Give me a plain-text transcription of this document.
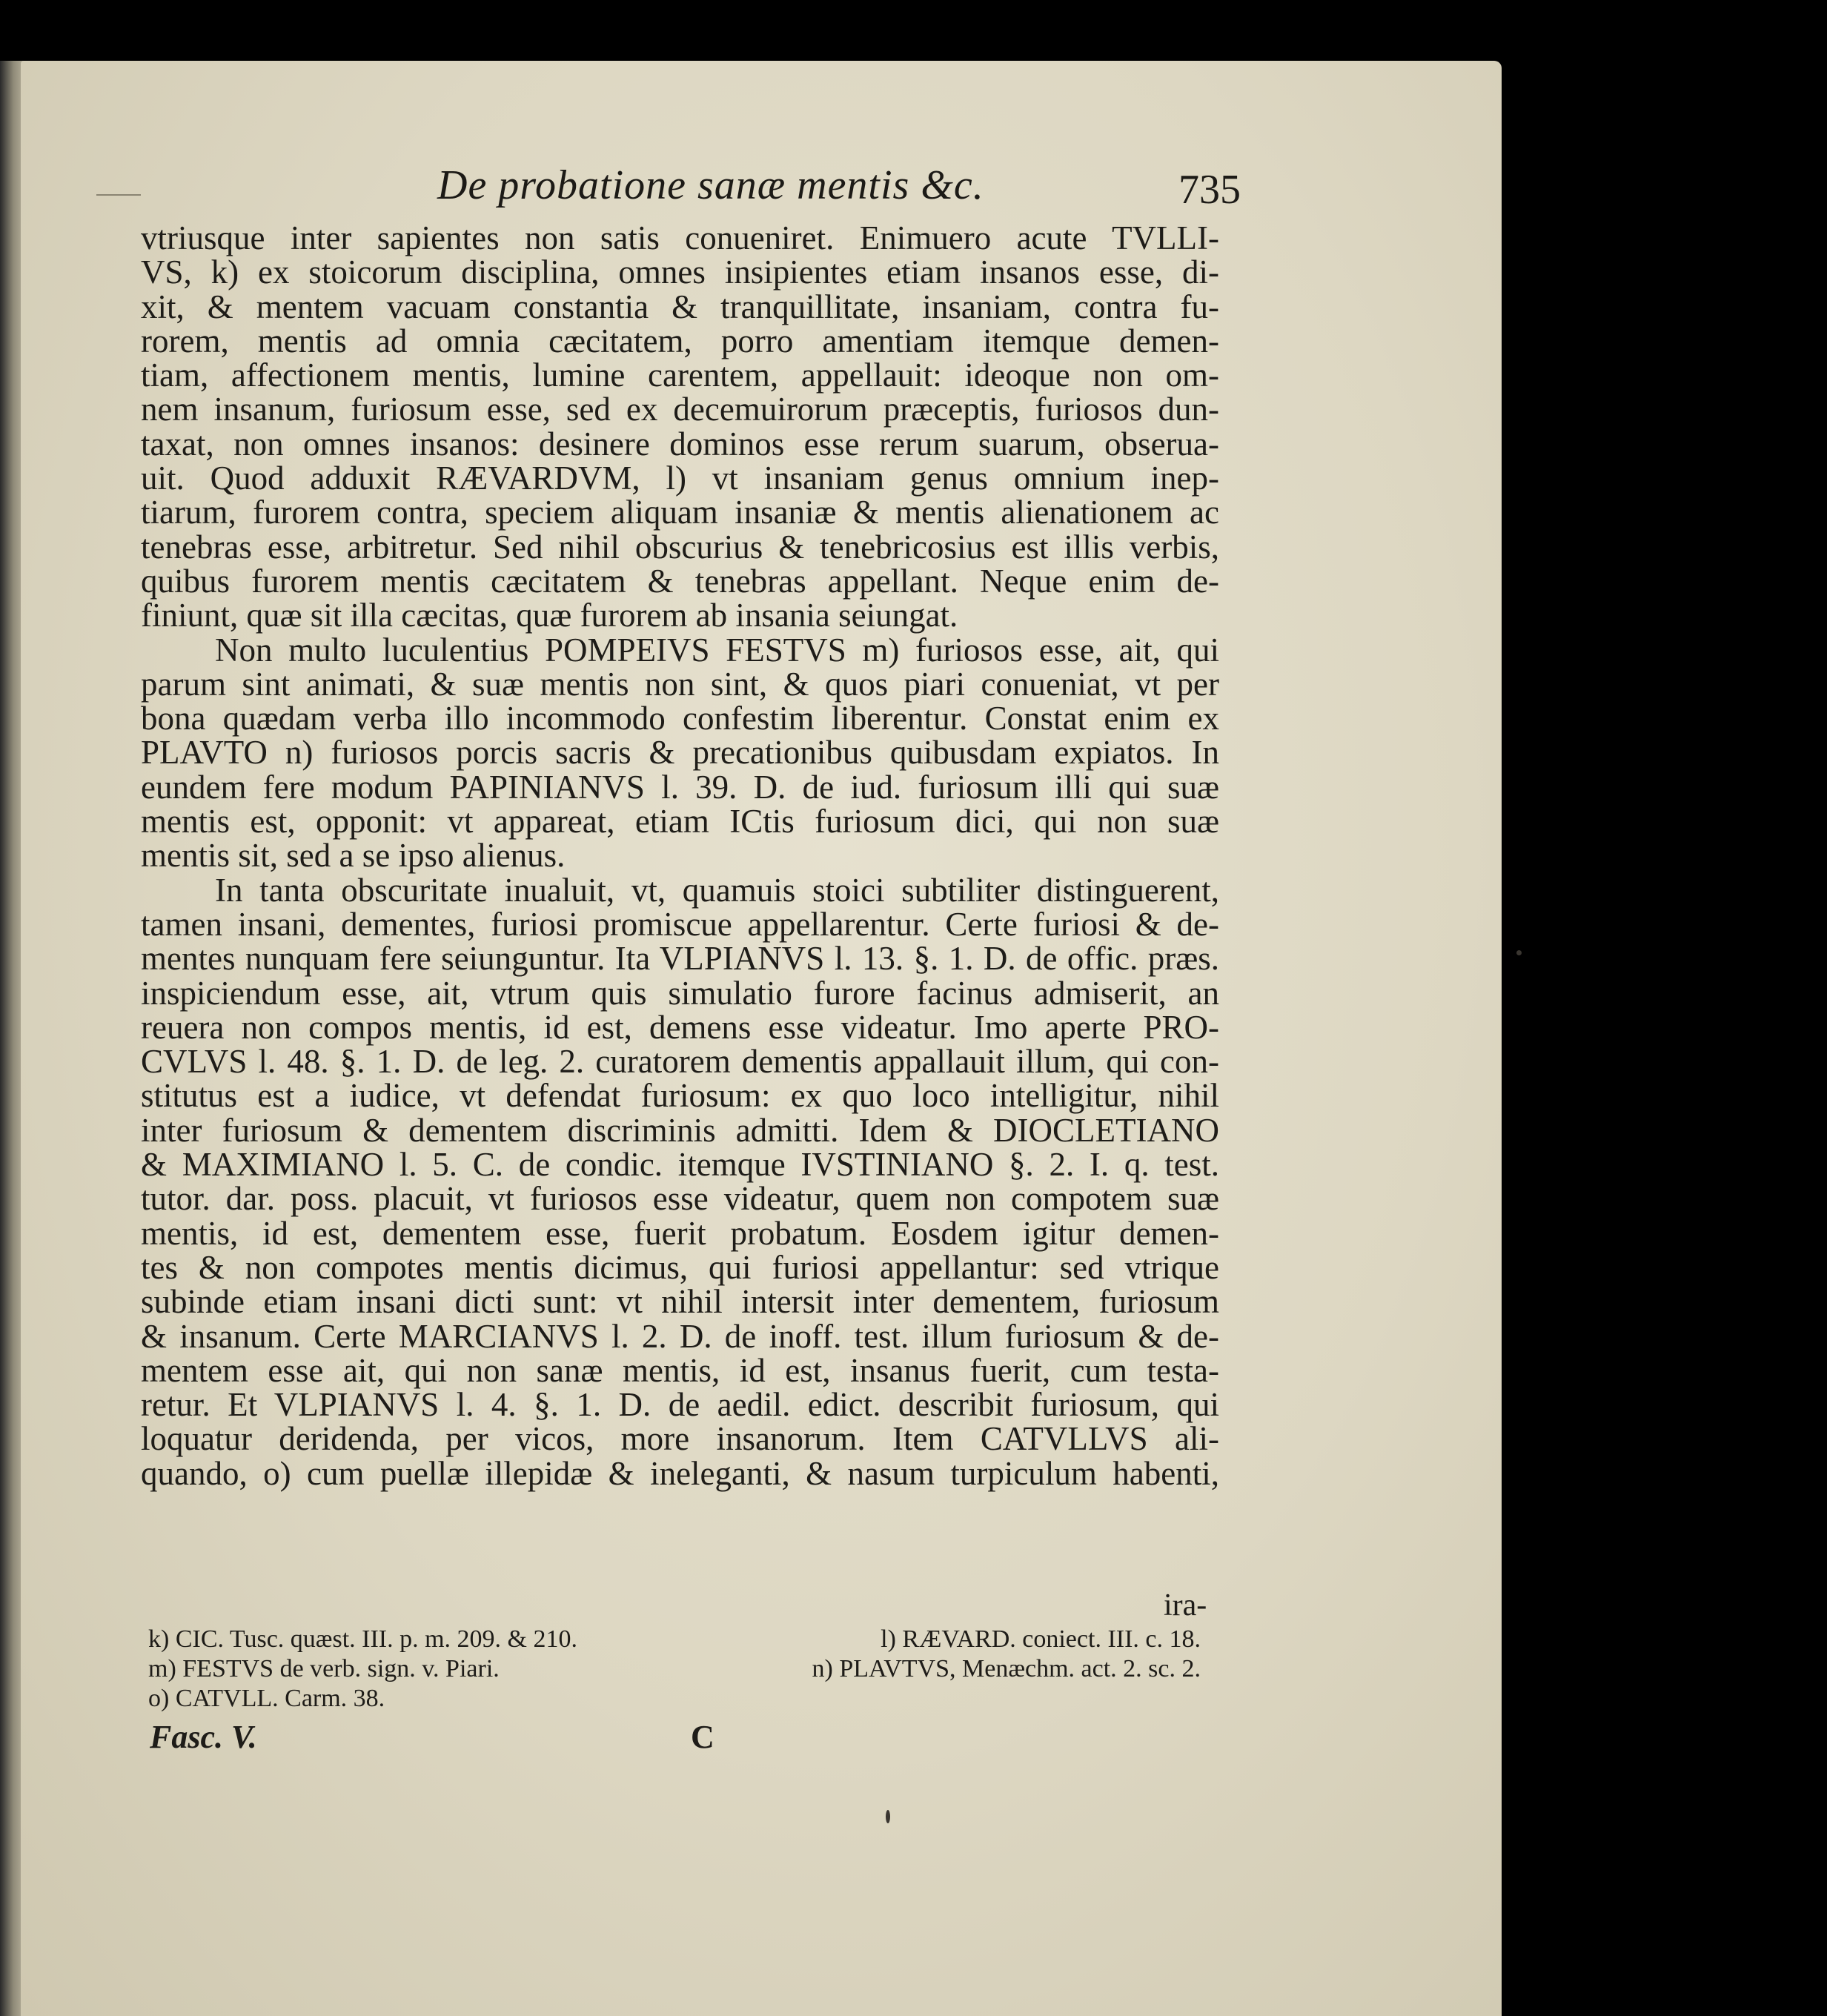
De probatione sanæ mentis &c.	735
vtriusque inter sapientes non satis conueniret. Enimuero acute TVLLI-
VS, k) ex stoicorum disciplina, omnes insipientes etiam insanos esse, di-
xit, & mentem vacuam constantia & tranquillitate, insaniam, contra fu-
rorem, mentis ad omnia cæcitatem, porro amentiam itemque demen-
tiam, affectionem mentis, lumine carentem, appellauit: ideoque non om-
nem insanum, furiosum esse, sed ex decemuirorum præceptis, furiosos dun-
taxat, non omnes insanos: desinere dominos esse rerum suarum, obserua-
uit. Quod adduxit RÆVARDVM, l) vt insaniam genus omnium inep-
tiarum, furorem contra, speciem aliquam insaniæ & mentis alienationem ac
tenebras esse, arbitretur. Sed nihil obscurius & tenebricosius est illis verbis,
quibus furorem mentis cæcitatem & tenebras appellant. Neque enim de-
finiunt, quæ sit illa cæcitas, quæ furorem ab insania seiungat.
Non multo luculentius POMPEIVS FESTVS m) furiosos esse, ait, qui
parum sint animati, & suæ mentis non sint, & quos piari conueniat, vt per
bona quædam verba illo incommodo confestim liberentur. Constat enim ex
PLAVTO n) furiosos porcis sacris & precationibus quibusdam expiatos. In
eundem fere modum PAPINIANVS l. 39. D. de iud. furiosum illi qui suæ
mentis est, opponit: vt appareat, etiam ICtis furiosum dici, qui non suæ
mentis sit, sed a se ipso alienus.
In tanta obscuritate inualuit, vt, quamuis stoici subtiliter distinguerent,
tamen insani, dementes, furiosi promiscue appellarentur. Certe furiosi & de-
mentes nunquam fere seiunguntur. Ita VLPIANVS l. 13. §. 1. D. de offic. præs.
inspiciendum esse, ait, vtrum quis simulatio furore facinus admiserit, an
reuera non compos mentis, id est, demens esse videatur. Imo aperte PRO-
CVLVS l. 48. §. 1. D. de leg. 2. curatorem dementis appallauit illum, qui con-
stitutus est a iudice, vt defendat furiosum: ex quo loco intelligitur, nihil
inter furiosum & dementem discriminis admitti. Idem & DIOCLETIANO
& MAXIMIANO l. 5. C. de condic. itemque IVSTINIANO §. 2. I. q. test.
tutor. dar. poss. placuit, vt furiosos esse videatur, quem non compotem suæ
mentis, id est, dementem esse, fuerit probatum. Eosdem igitur demen-
tes & non compotes mentis dicimus, qui furiosi appellantur: sed vtrique
subinde etiam insani dicti sunt: vt nihil intersit inter dementem, furiosum
& insanum. Certe MARCIANVS l. 2. D. de inoff. test. illum furiosum & de-
mentem esse ait, qui non sanæ mentis, id est, insanus fuerit, cum testa-
retur. Et VLPIANVS l. 4. §. 1. D. de aedil. edict. describit furiosum, qui
loquatur deridenda, per vicos, more insanorum. Item CATVLLVS ali-
quando, o) cum puellæ illepidæ & ineleganti, & nasum turpiculum habenti,
ira-
k) CIC. Tusc. quæst. III. p. m. 209. & 210.	l) RÆVARD. coniect. III. c. 18.
m) FESTVS de verb. sign. v. Piari.	n) PLAVTVS, Menæchm. act. 2. sc. 2.
o) CATVLL. Carm. 38.
Fasc. V.	C
